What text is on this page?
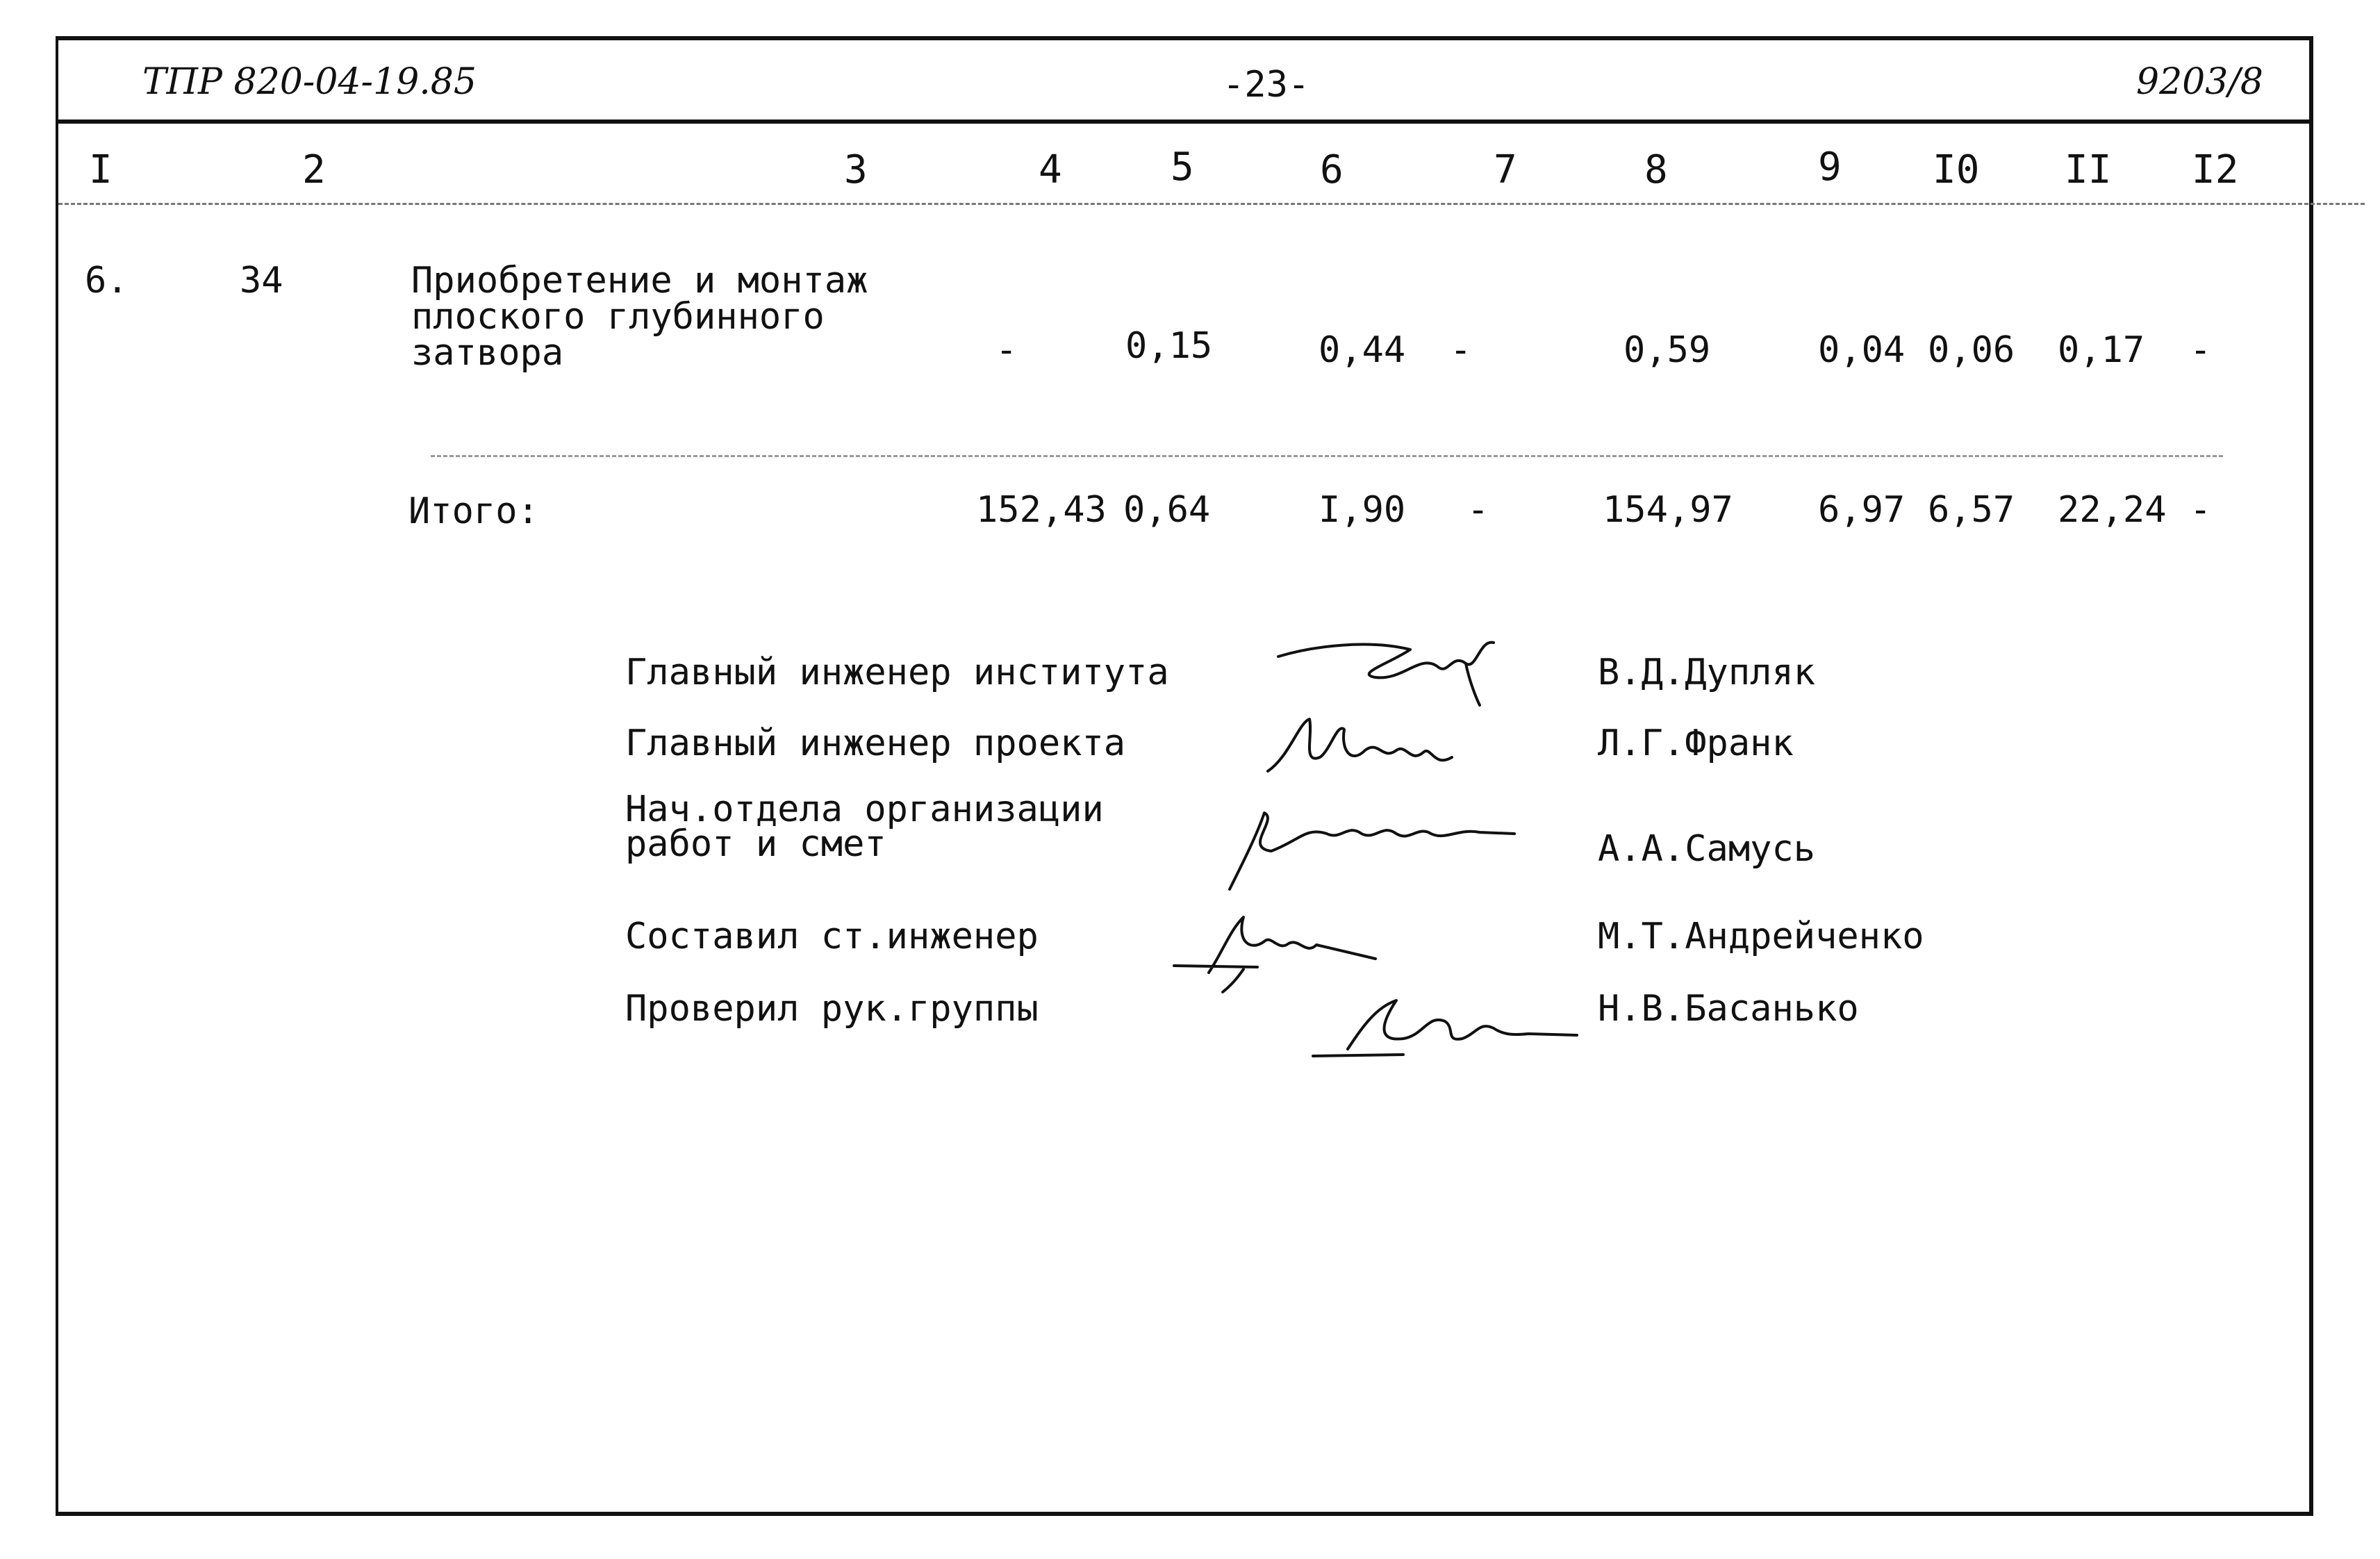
ТПР 820-04-19.85	-23-	9203/8
I	2	3	4	5	6	7	8	9 I0 II I2
6.	34	Приобретение и монтаж
плоского глубинного
затвора	-	0,15	0,44 -	0,59	0,04 0,06 0,17 -
Итого:	152,43 0,64	I,90 -	154,97 6,97 6,57 22,24 -
Главный инженер института	В.Д.Дупляк
Главный инженер проекта	Л.Г.Франк
Нач.отдела организации
работ и смет	А.А.Самусь
Составил ст.инженер	М.Т.Андрейченко
Проверил рук.группы	Н.В.Басанько
